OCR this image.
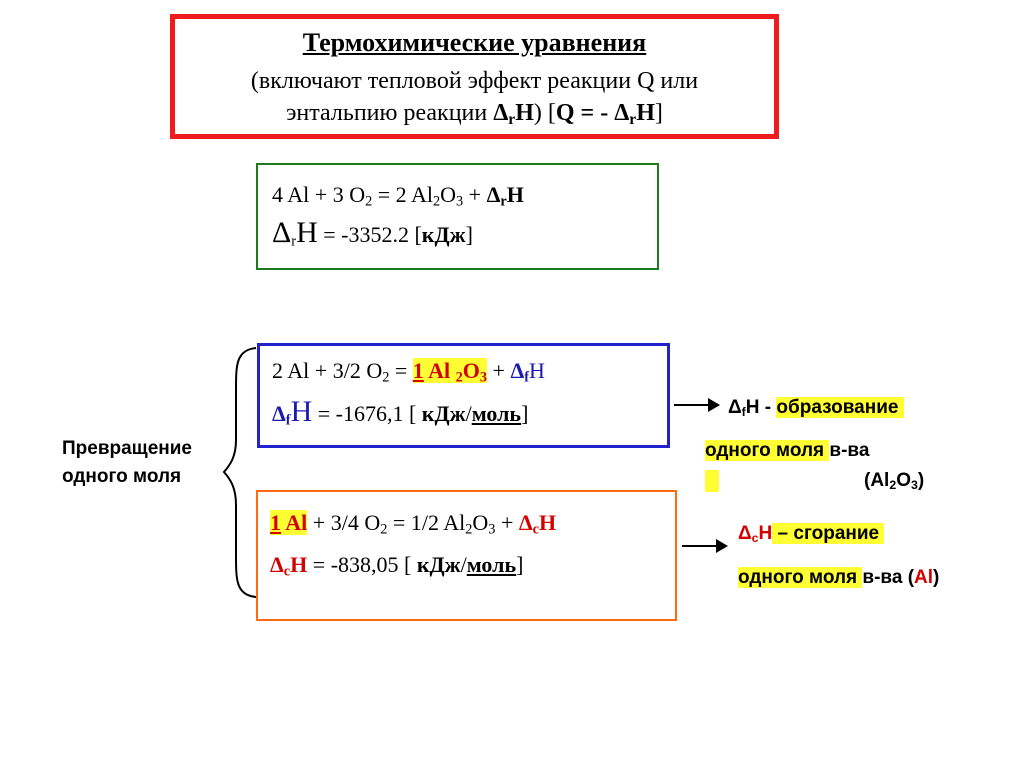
Термохимические уравнения
(включают тепловой эффект реакции Q или
энтальпию реакции $\Delta_rH$) [Q = - $\Delta_rH$]
4 Al + 3 $O_2 = 2$ $Al_2O_3 + \Delta_rH$
$\Delta_rH = -3352.2$ [кДж]
2 Al + 3/2 $O_2 = 1$ Al $_2O_3 + \Delta_fH$
$\Delta_fH = -1676,1$ [ кДж/моль]
1 Al + 3/4 $O_2 = 1/2$ $Al_2O_3 + \Delta_cH$
$\Delta_cH = -838,05$ [ кДж/моль]
Превращение
одного моля
$\Delta_fH$ - образование
одного моля в-ва
$(Al_2O_3)$
$\Delta_cH$ – сгорание
одного моля в-ва (Al)
